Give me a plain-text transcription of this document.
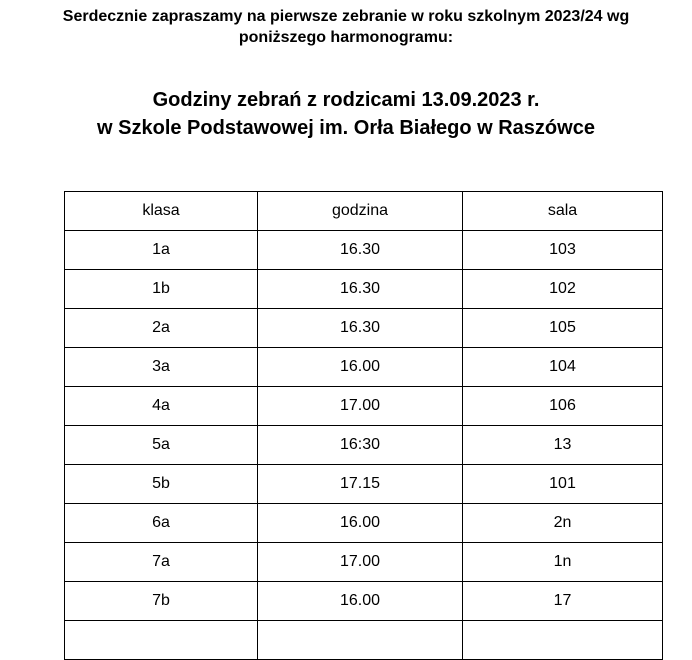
Serdecznie zapraszamy na pierwsze zebranie w roku szkolnym 2023/24 wg
poniższego harmonogramu:
Godziny zebrań z rodzicami 13.09.2023 r.
w Szkole Podstawowej im. Orła Białego w Raszówce
klasa	godzina	sala
1a	16.30	103
1b	16.30	102
2a	16.30	105
3a	16.00	104
4a	17.00	106
5a	16:30	13
5b	17.15	101
6a	16.00	2n
7a	17.00	1n
7b	16.00	17
